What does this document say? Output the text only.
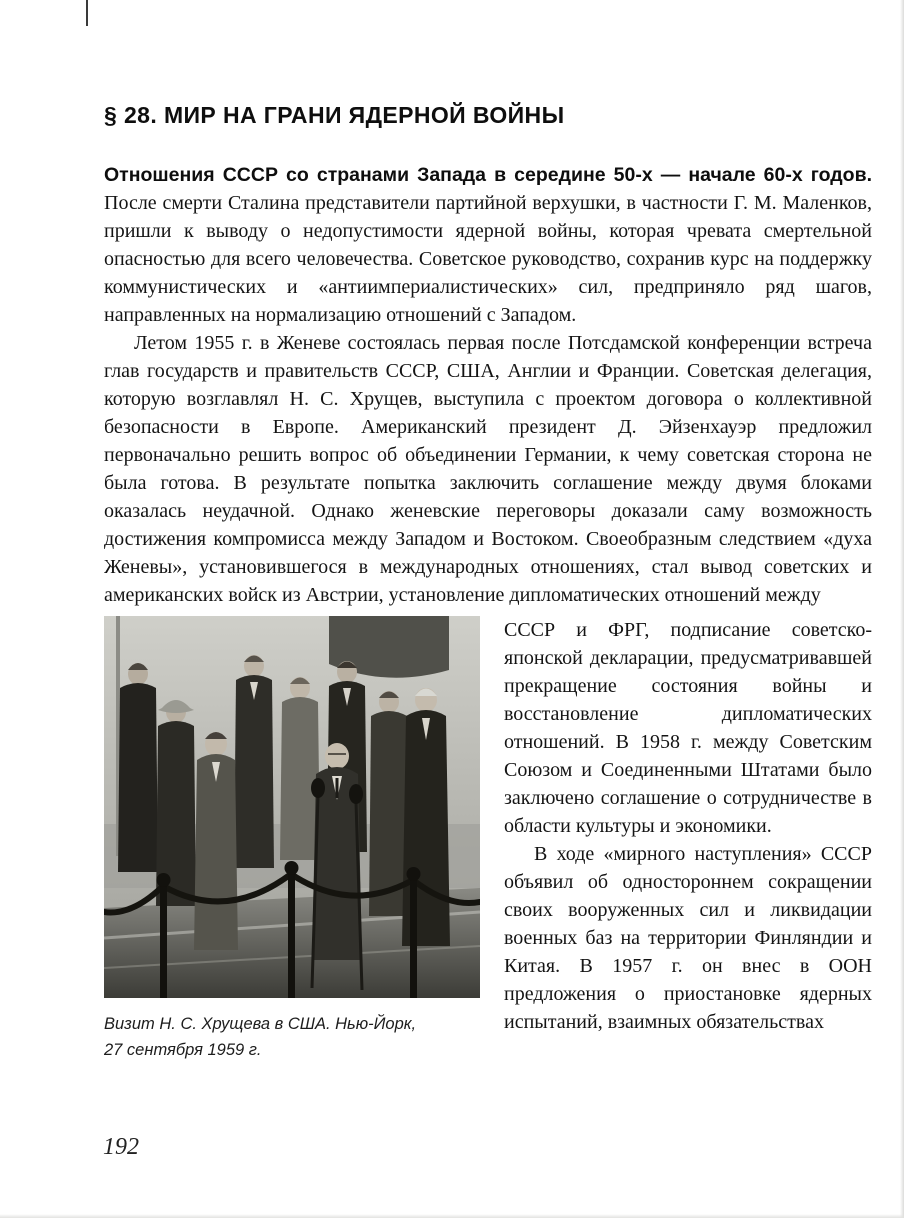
§ 28. МИР НА ГРАНИ ЯДЕРНОЙ ВОЙНЫ

Отношения СССР со странами Запада в середине 50-х — начале 60-х годов. После смерти Сталина представители партийной верхушки, в частности Г. М. Маленков, пришли к выводу о недопустимости ядерной войны, которая чревата смертельной опасностью для всего человечества. Советское руководство, сохранив курс на поддержку коммунистических и «антиимпериалистических» сил, предприняло ряд шагов, направленных на нормализацию отношений с Западом.

Летом 1955 г. в Женеве состоялась первая после Потсдамской конференции встреча глав государств и правительств СССР, США, Англии и Франции. Советская делегация, которую возглавлял Н. С. Хрущев, выступила с проектом договора о коллективной безопасности в Европе. Американский президент Д. Эйзенхауэр предложил первоначально решить вопрос об объединении Германии, к чему советская сторона не была готова. В результате попытка заключить соглашение между двумя блоками оказалась неудачной. Однако женевские переговоры доказали саму возможность достижения компромисса между Западом и Востоком. Своеобразным следствием «духа Женевы», установившегося в международных отношениях, стал вывод советских и американских войск из Австрии, установление дипломатических отношений между

Визит Н. С. Хрущева в США. Нью-Йорк,
27 сентября 1959 г.

СССР и ФРГ, подписание советско-японской декларации, предусматривавшей прекращение состояния войны и восстановление дипломатических отношений. В 1958 г. между Советским Союзом и Соединенными Штатами было заключено соглашение о сотрудничестве в области культуры и экономики.

В ходе «мирного наступления» СССР объявил об одностороннем сокращении своих вооруженных сил и ликвидации военных баз на территории Финляндии и Китая. В 1957 г. он внес в ООН предложения о приостановке ядерных испытаний, взаимных обязательствах

192
